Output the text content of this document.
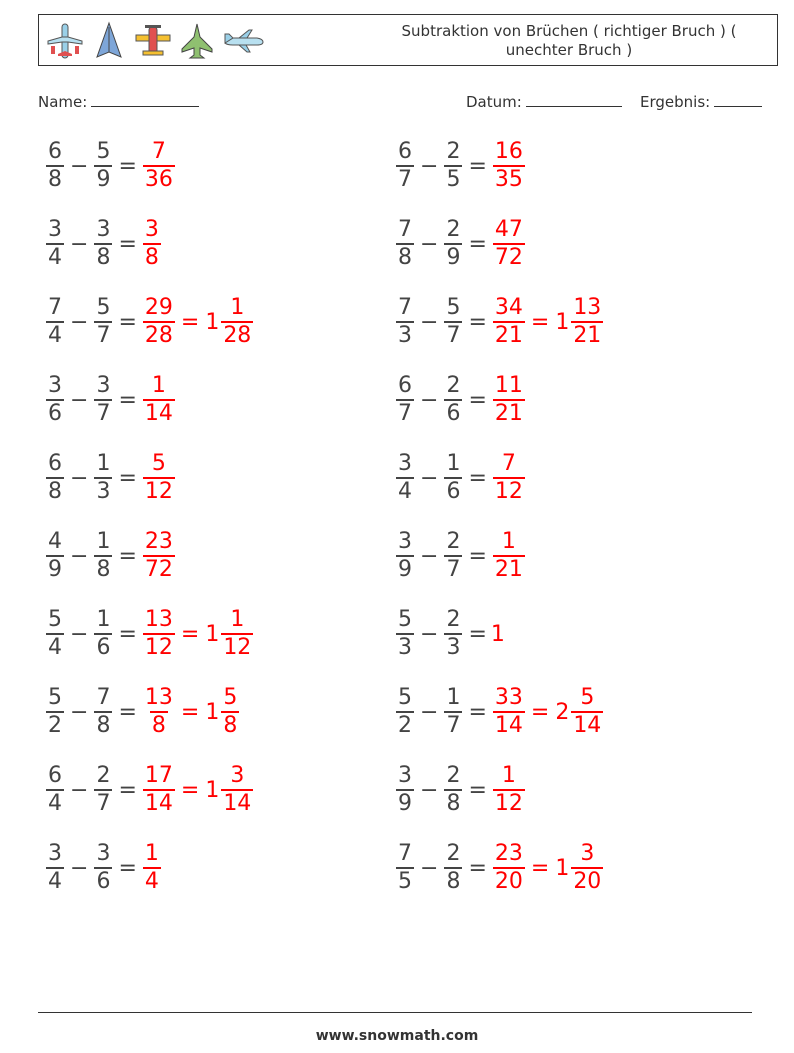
Subtraktion von Brüchen ( richtiger Bruch ) ( unechter Bruch )
Name:	Datum:	Ergebnis:
$\frac{6}{8} - \frac{5}{9} = \frac{7}{36}$	$\frac{6}{7} - \frac{2}{5} = \frac{16}{35}$
$\frac{3}{4} - \frac{3}{8} = \frac{3}{8}$	$\frac{7}{8} - \frac{2}{9} = \frac{47}{72}$
$\frac{7}{4} - \frac{5}{7} = \frac{29}{28} = 1 \frac{1}{28}$	$\frac{7}{3} - \frac{5}{7} = \frac{34}{21} = 1 \frac{13}{21}$
$\frac{3}{6} - \frac{3}{7} = \frac{1}{14}$	$\frac{6}{7} - \frac{2}{6} = \frac{11}{21}$
$\frac{6}{8} - \frac{1}{3} = \frac{5}{12}$	$\frac{3}{4} - \frac{1}{6} = \frac{7}{12}$
$\frac{4}{9} - \frac{1}{8} = \frac{23}{72}$	$\frac{3}{9} - \frac{2}{7} = \frac{1}{21}$
$\frac{5}{4} - \frac{1}{6} = \frac{13}{12} = 1 \frac{1}{12}$	$\frac{5}{3} - \frac{2}{3} = 1$
$\frac{5}{2} - \frac{7}{8} = \frac{13}{8} = 1 \frac{5}{8}$	$\frac{5}{2} - \frac{1}{7} = \frac{33}{14} = 2 \frac{5}{14}$
$\frac{6}{4} - \frac{2}{7} = \frac{17}{14} = 1 \frac{3}{14}$	$\frac{3}{9} - \frac{2}{8} = \frac{1}{12}$
$\frac{3}{4} - \frac{3}{6} = \frac{1}{4}$	$\frac{7}{5} - \frac{2}{8} = \frac{23}{20} = 1 \frac{3}{20}$
www.snowmath.com
